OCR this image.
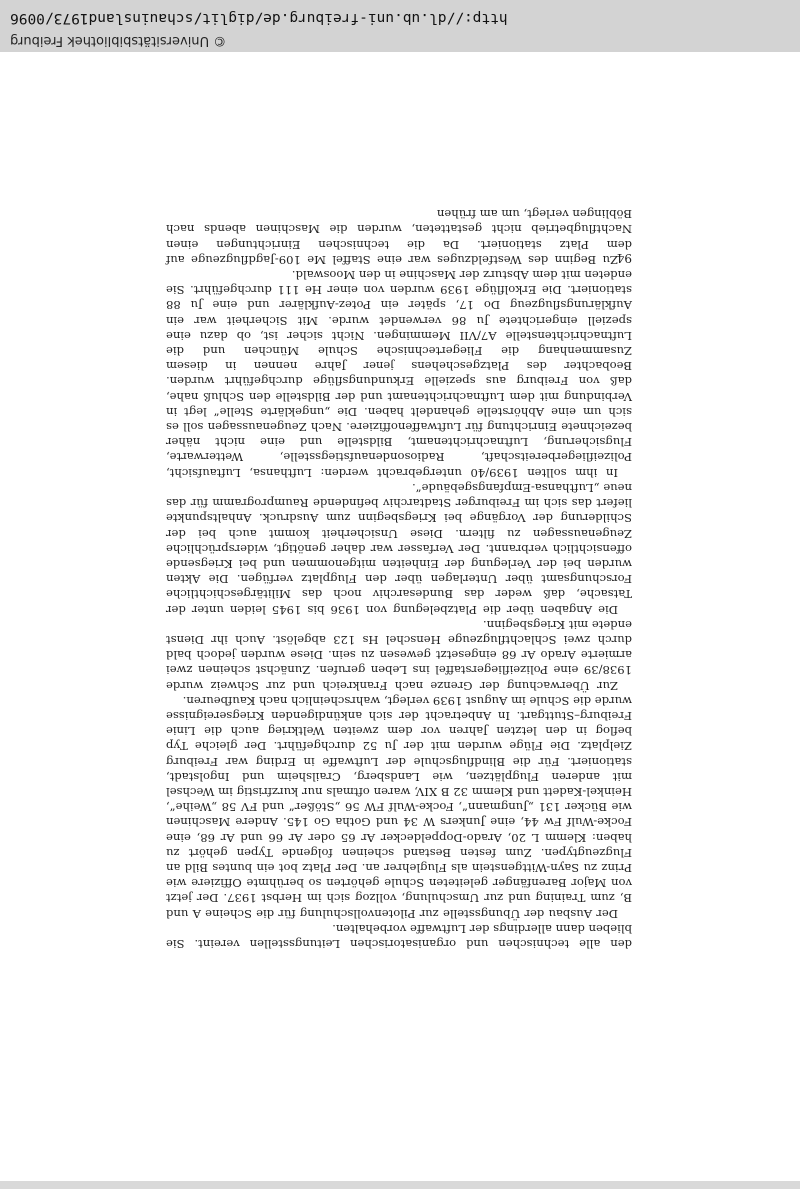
den alle technischen und organisatorischen Leitungsstellen vereint. Sie blieben dann allerdings der Luftwaffe vorbehalten.

Der Ausbau der Übungsstelle zur Pilotenvollschulung für die Scheine A und B, zum Training und zur Umschulung, vollzog sich im Herbst 1937. Der jetzt von Major Barenfänger geleiteten Schule gehörten so berühmte Offiziere wie Prinz zu Sayn-Wittgenstein als Fluglehrer an. Der Platz bot ein buntes Bild an Flugzeugtypen. Zum festen Bestand scheinen folgende Typen gehört zu haben: Klemm L 20, Arado-Doppeldecker Ar 65 oder Ar 66 und Ar 68, eine Focke-Wulf Fw 44, eine Junkers W 34 und Gotha Go 145. Andere Maschinen wie Bücker 131 „Jungmann“, Focke-Wulf FW 56 „Stößer“ und FV 58 „Weihe“, Heinkel-Kadett und Klemm 32 B XIV, waren oftmals nur kurzfristig im Wechsel mit anderen Flugplätzen, wie Landsberg, Crailsheim und Ingolstadt, stationiert. Für die Blindflugschule der Luftwaffe in Erding war Freiburg Zielplatz. Die Flüge wurden mit der Ju 52 durchgeführt. Der gleiche Typ beflog in den letzten Jahren vor dem zweiten Weltkrieg auch die Linie Freiburg–Stuttgart. In Anbetracht der sich ankündigenden Kriegsereignisse wurde die Schule im August 1939 verlegt, wahrscheinlich nach Kaufbeuren.

Zur Überwachung der Grenze nach Frankreich und zur Schweiz wurde 1938/39 eine Polizeifliegerstaffel ins Leben gerufen. Zunächst scheinen zwei armierte Arado Ar 68 eingesetzt gewesen zu sein. Diese wurden jedoch bald durch zwei Schlachtflugzeuge Henschel Hs 123 abgelöst. Auch ihr Dienst endete mit Kriegsbeginn.

Die Angaben über die Platzbelegung von 1936 bis 1945 leiden unter der Tatsache, daß weder das Bundesarchiv noch das Militärgeschichtliche Forschungsamt über Unterlagen über den Flugplatz verfügen. Die Akten wurden bei der Verlegung der Einheiten mitgenommen und bei Kriegsende offensichtlich verbrannt. Der Verfasser war daher genötigt, widersprüchliche Zeugenaussagen zu filtern. Diese Unsicherheit kommt auch bei der Schilderung der Vorgänge bei Kriegsbeginn zum Ausdruck. Anhaltspunkte liefert das sich im Freiburger Stadtarchiv befindende Raumprogramm für das neue „Lufthansa-Empfangsgebäude“.

In ihm sollten 1939/40 untergebracht werden: Lufthansa, Luftaufsicht, Polizeifliegerbereitschaft, Radiosondenaufstiegsstelle, Wetterwarte, Flugsicherung, Luftnachrichtenamt, Bildstelle und eine nicht näher bezeichnete Einrichtung für Luftwaffenoffiziere. Nach Zeugenaussagen soll es sich um eine Abhörstelle gehandelt haben. Die „ungeklärte Stelle“ legt in Verbindung mit dem Luftnachrichtenamt und der Bildstelle den Schluß nahe, daß von Freiburg aus spezielle Erkundungsflüge durchgeführt wurden. Beobachter des Platzgeschehens jener Jahre nennen in diesem Zusammenhang die Fliegertechnische Schule München und die Luftnachrichtenstelle A7/VII Memmingen. Nicht sicher ist, ob dazu eine speziell eingerichtete Ju 86 verwendet wurde. Mit Sicherheit war ein Aufklärungsflugzeug Do 17, später ein Potez-Aufklärer und eine Ju 88 stationiert. Die Erkolflüge 1939 wurden von einer He 111 durchgeführt. Sie endeten mit dem Absturz der Maschine in den Mooswald.

Zu Beginn des Westfeldzuges war eine Staffel Me 109-Jagdflugzeuge auf dem Platz stationiert. Da die technischen Einrichtungen einen Nachtflugbetrieb nicht gestatteten, wurden die Maschinen abends nach Böblingen verlegt, um am frühen

94
© Universitätsbibliothek Freiburg
http://dl.ub.uni-freiburg.de/diglit/schauinsland1973/0096
